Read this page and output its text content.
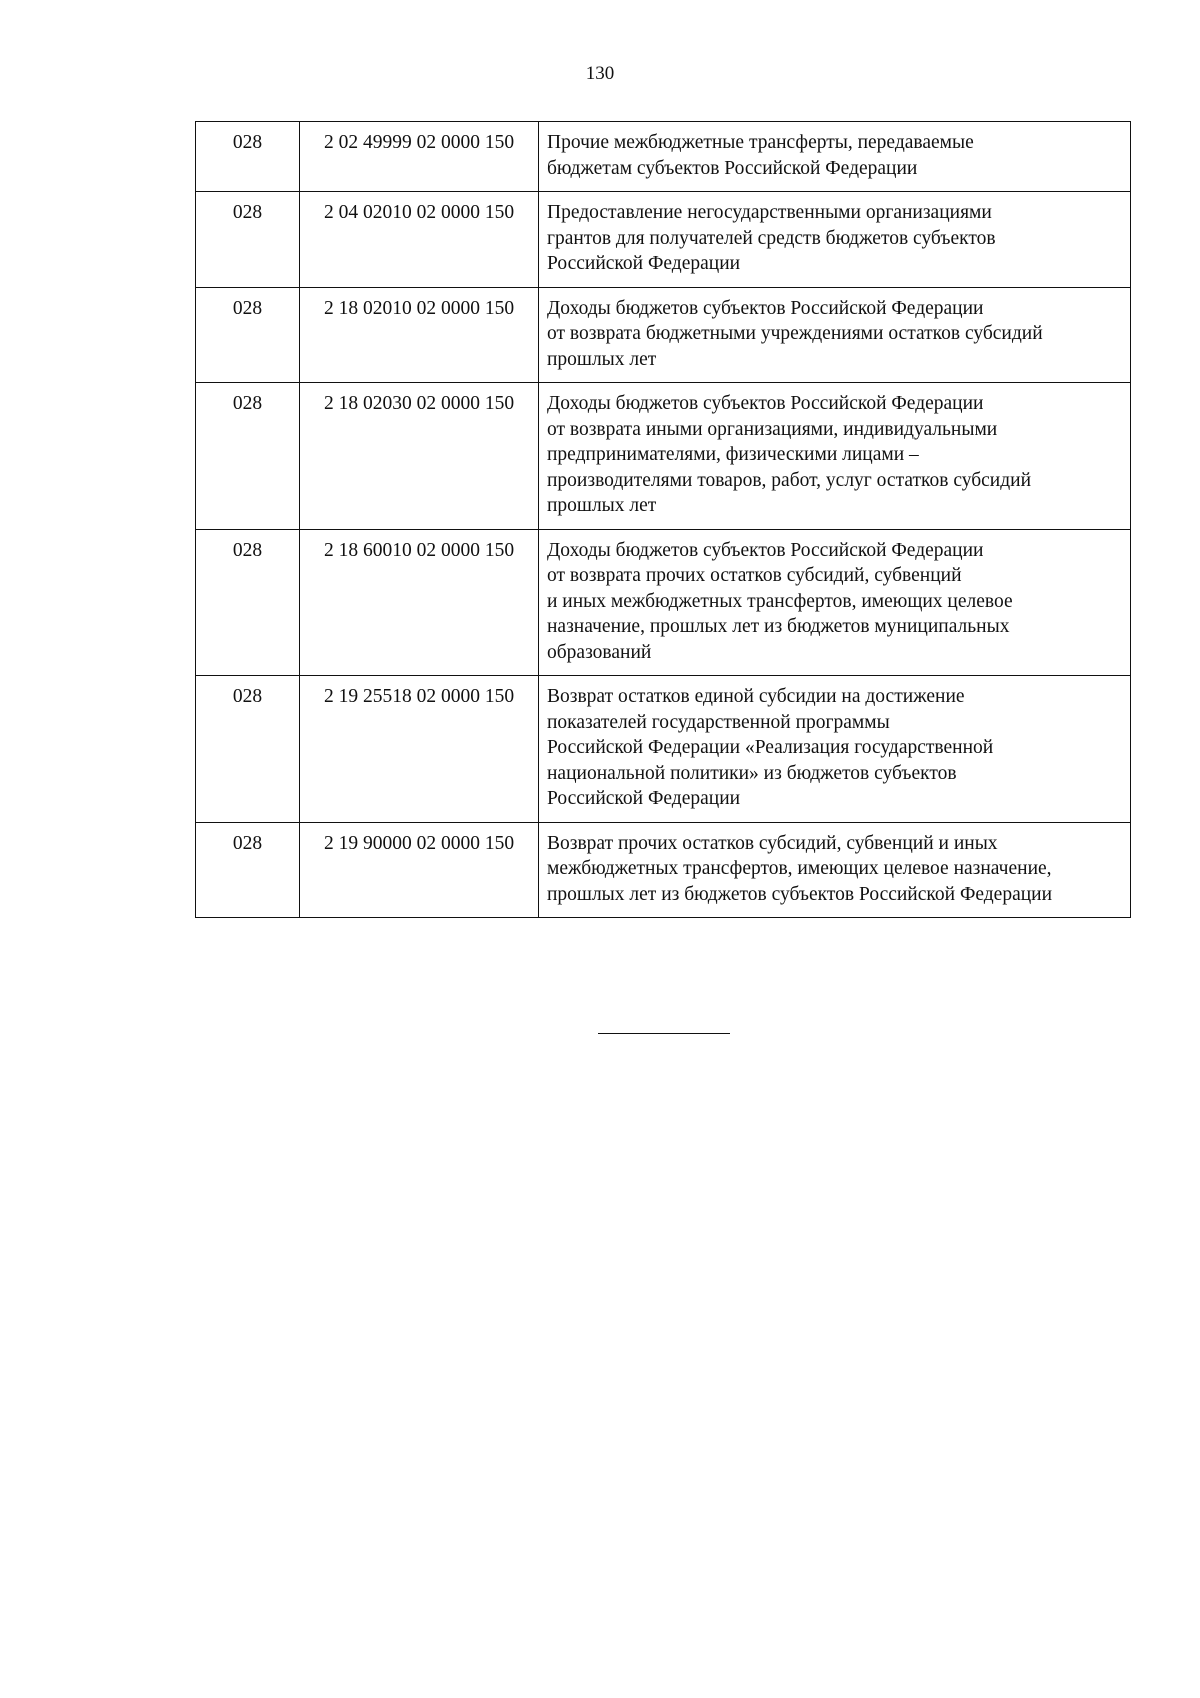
130
028	2 02 49999 02 0000 150	Прочие межбюджетные трансферты, передаваемые
бюджетам субъектов Российской Федерации

028	2 04 02010 02 0000 150	Предоставление негосударственными организациями
грантов для получателей средств бюджетов субъектов
Российской Федерации

028	2 18 02010 02 0000 150	Доходы бюджетов субъектов Российской Федерации
от возврата бюджетными учреждениями остатков субсидий
прошлых лет

028	2 18 02030 02 0000 150	Доходы бюджетов субъектов Российской Федерации
от возврата иными организациями, индивидуальными
предпринимателями, физическими лицами –
производителями товаров, работ, услуг остатков субсидий
прошлых лет

028	2 18 60010 02 0000 150	Доходы бюджетов субъектов Российской Федерации
от возврата прочих остатков субсидий, субвенций
и иных межбюджетных трансфертов, имеющих целевое
назначение, прошлых лет из бюджетов муниципальных
образований

028	2 19 25518 02 0000 150	Возврат остатков единой субсидии на достижение
показателей государственной программы
Российской Федерации «Реализация государственной
национальной политики» из бюджетов субъектов
Российской Федерации

028	2 19 90000 02 0000 150	Возврат прочих остатков субсидий, субвенций и иных
межбюджетных трансфертов, имеющих целевое назначение,
прошлых лет из бюджетов субъектов Российской Федерации
